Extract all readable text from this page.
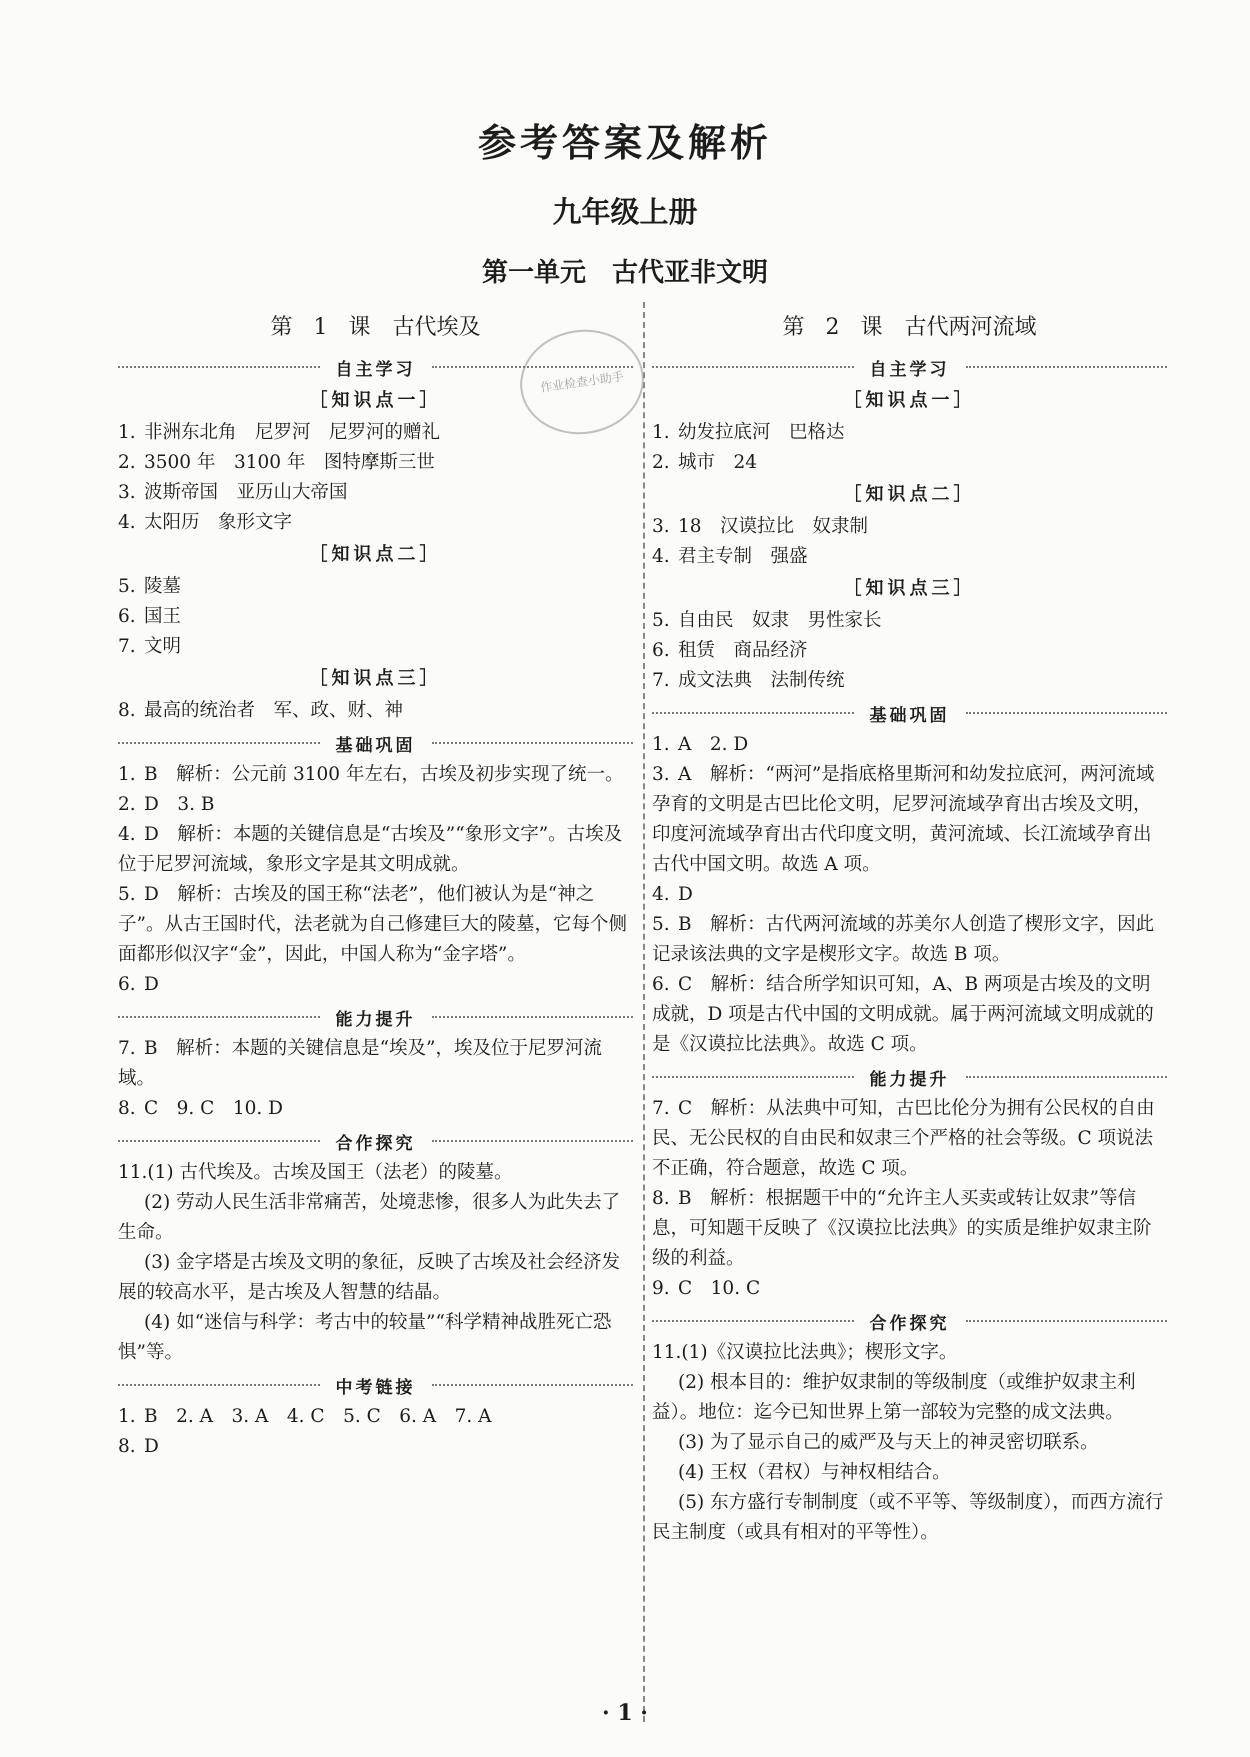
参考答案及解析
九年级上册
第一单元　古代亚非文明
作业检查小助手
第 1 课　古代埃及
自主学习
［知识点一］
1. 非洲东北角　尼罗河　尼罗河的赠礼
2. 3500 年　3100 年　图特摩斯三世
3. 波斯帝国　亚历山大帝国
4. 太阳历　象形文字
［知识点二］
5. 陵墓
6. 国王
7. 文明
［知识点三］
8. 最高的统治者　军、政、财、神
基础巩固
1. B　解析：公元前 3100 年左右，古埃及初步实现了统一。
2. D　3. B
4. D　解析：本题的关键信息是“古埃及”“象形文字”。古埃及位于尼罗河流域，象形文字是其文明成就。
5. D　解析：古埃及的国王称“法老”，他们被认为是“神之子”。从古王国时代，法老就为自己修建巨大的陵墓，它每个侧面都形似汉字“金”，因此，中国人称为“金字塔”。
6. D
能力提升
7. B　解析：本题的关键信息是“埃及”，埃及位于尼罗河流域。
8. C　9. C　10. D
合作探究
11.(1) 古代埃及。古埃及国王（法老）的陵墓。
(2) 劳动人民生活非常痛苦，处境悲惨，很多人为此失去了生命。
(3) 金字塔是古埃及文明的象征，反映了古埃及社会经济发展的较高水平，是古埃及人智慧的结晶。
(4) 如“迷信与科学：考古中的较量”“科学精神战胜死亡恐惧”等。
中考链接
1. B　2. A　3. A　4. C　5. C　6. A　7. A
8. D
第 2 课　古代两河流域
自主学习
［知识点一］
1. 幼发拉底河　巴格达
2. 城市　24
［知识点二］
3. 18　汉谟拉比　奴隶制
4. 君主专制　强盛
［知识点三］
5. 自由民　奴隶　男性家长
6. 租赁　商品经济
7. 成文法典　法制传统
基础巩固
1. A　2. D
3. A　解析：“两河”是指底格里斯河和幼发拉底河，两河流域孕育的文明是古巴比伦文明，尼罗河流域孕育出古埃及文明，印度河流域孕育出古代印度文明，黄河流域、长江流域孕育出古代中国文明。故选 A 项。
4. D
5. B　解析：古代两河流域的苏美尔人创造了楔形文字，因此记录该法典的文字是楔形文字。故选 B 项。
6. C　解析：结合所学知识可知，A、B 两项是古埃及的文明成就，D 项是古代中国的文明成就。属于两河流域文明成就的是《汉谟拉比法典》。故选 C 项。
能力提升
7. C　解析：从法典中可知，古巴比伦分为拥有公民权的自由民、无公民权的自由民和奴隶三个严格的社会等级。C 项说法不正确，符合题意，故选 C 项。
8. B　解析：根据题干中的“允许主人买卖或转让奴隶”等信息，可知题干反映了《汉谟拉比法典》的实质是维护奴隶主阶级的利益。
9. C　10. C
合作探究
11.(1)《汉谟拉比法典》；楔形文字。
(2) 根本目的：维护奴隶制的等级制度（或维护奴隶主利益）。地位：迄今已知世界上第一部较为完整的成文法典。
(3) 为了显示自己的威严及与天上的神灵密切联系。
(4) 王权（君权）与神权相结合。
(5) 东方盛行专制制度（或不平等、等级制度），而西方流行民主制度（或具有相对的平等性）。
· 1 ·
